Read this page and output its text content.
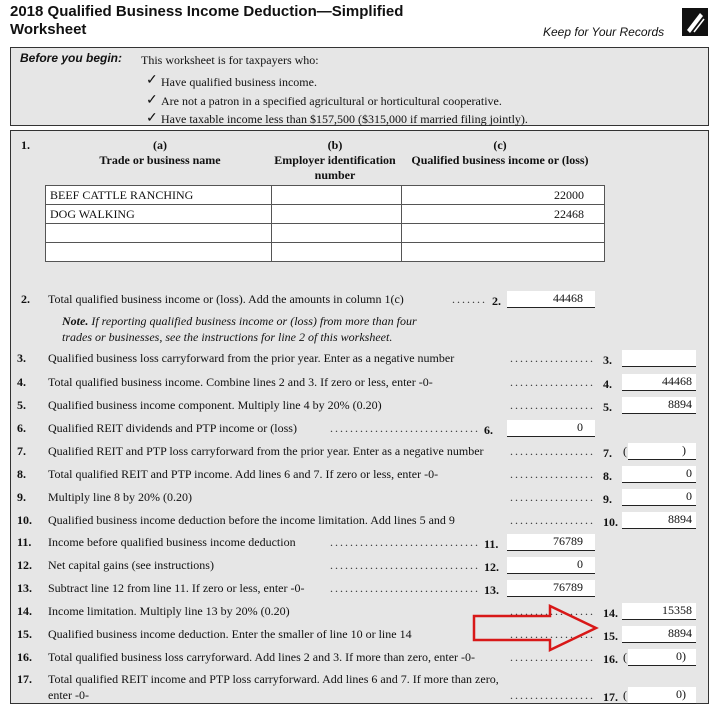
2018 Qualified Business Income Deduction—Simplified
Worksheet	Keep for Your Records
Before you begin: This worksheet is for taxpayers who:
✓ Have qualified business income.
✓ Are not a patron in a specified agricultural or horticultural cooperative.
✓ Have taxable income less than $157,500 ($315,000 if married filing jointly).
1.	(a)
Trade or business name
(b)
Employer identification number
(c)
Qualified business income or (loss)
BEEF CATTLE RANCHING		22000
DOG WALKING		22468

2. Total qualified business income or (loss). Add the amounts in column 1(c)	....... 2.	44468
Note. If reporting qualified business income or (loss) from more than four
trades or businesses, see the instructions for line 2 of this worksheet.
3. Qualified business loss carryforward from the prior year. Enter as a negative number	................. 3.
4. Total qualified business income. Combine lines 2 and 3. If zero or less, enter -0-	................. 4.	44468
5. Qualified business income component. Multiply line 4 by 20% (0.20)	................. 5.	8894
6. Qualified REIT dividends and PTP income or (loss)	.............................. 6.	0
7. Qualified REIT and PTP loss carryforward from the prior year. Enter as a negative number	................. 7. (	)
8. Total qualified REIT and PTP income. Add lines 6 and 7. If zero or less, enter -0-	................. 8.	0
9. Multiply line 8 by 20% (0.20)	................. 9.	0
10. Qualified business income deduction before the income limitation. Add lines 5 and 9	................. 10.	8894
11. Income before qualified business income deduction	.............................. 11.	76789
12. Net capital gains (see instructions)	.............................. 12.	0
13. Subtract line 12 from line 11. If zero or less, enter -0- .............................. 13.	76789
14. Income limitation. Multiply line 13 by 20% (0.20)	................. 14.	15358
15. Qualified business income deduction. Enter the smaller of line 10 or line 14	................. 15.	8894
16. Total qualified business loss carryforward. Add lines 2 and 3. If more than zero, enter -0-	................. 16. (	0)
17. Total qualified REIT income and PTP loss carryforward. Add lines 6 and 7. If more than zero,
enter -0-	................. 17. (	0)
